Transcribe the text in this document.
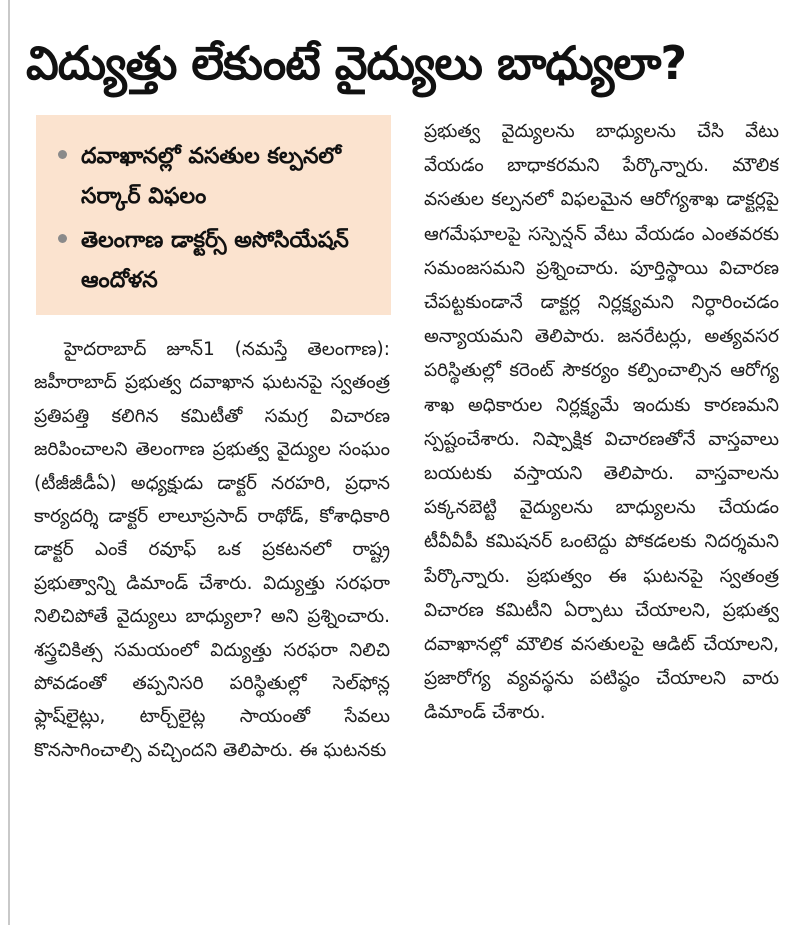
విద్యుత్తు లేకుంటే వైద్యులు బాధ్యులా?
దవాఖానల్లో వసతుల కల్పనలో సర్కార్ విఫలం
తెలంగాణ డాక్టర్స్ అసోసియేషన్ ఆందోళన

హైదరాబాద్ జూన్1 (నమస్తే తెలంగాణ): జహీరాబాద్ ప్రభుత్వ దవాఖాన ఘటనపై స్వతంత్ర ప్రతిపత్తి కలిగిన కమిటీతో సమగ్ర విచారణ జరిపించాలని తెలంగాణ ప్రభుత్వ వైద్యుల సంఘం (టీజీజీడీఏ) అధ్యక్షుడు డాక్టర్ నరహరి, ప్రధాన కార్యదర్శి డాక్టర్ లాలూప్రసాద్ రాథోడ్, కోశాధికారి డాక్టర్ ఎంకే రవూఫ్ ఒక ప్రకటనలో రాష్ట్ర ప్రభుత్వాన్ని డిమాండ్ చేశారు. విద్యుత్తు సరఫరా నిలిచిపోతే వైద్యులు బాధ్యులా? అని ప్రశ్నించారు. శస్త్రచికిత్స సమయంలో విద్యుత్తు సరఫరా నిలిచి పోవడంతో తప్పనిసరి పరిస్థితుల్లో సెల్‌ఫోన్ల ఫ్లాష్‌లైట్లు, టార్చ్‌లైట్ల సాయంతో సేవలు కొనసాగించాల్సి వచ్చిందని తెలిపారు. ఈ ఘటనకు

ప్రభుత్వ వైద్యులను బాధ్యులను చేసి వేటు వేయడం బాధాకరమని పేర్కొన్నారు. మౌలిక వసతుల కల్పనలో విఫలమైన ఆరోగ్యశాఖ డాక్టర్లపై ఆగమేఘాలపై సస్పెన్షన్ వేటు వేయడం ఎంతవరకు సమంజసమని ప్రశ్నించారు. పూర్తిస్థాయి విచారణ చేపట్టకుండానే డాక్టర్ల నిర్లక్ష్యమని నిర్ధారించడం అన్యాయమని తెలిపారు. జనరేటర్లు, అత్యవసర పరిస్థితుల్లో కరెంట్ సౌకర్యం కల్పించాల్సిన ఆరోగ్య శాఖ అధికారుల నిర్లక్ష్యమే ఇందుకు కారణమని స్పష్టంచేశారు. నిష్పాక్షిక విచారణతోనే వాస్తవాలు బయటకు వస్తాయని తెలిపారు. వాస్తవాలను పక్కనబెట్టి వైద్యులను బాధ్యులను చేయడం టీవీవీపీ కమిషనర్ ఒంటెద్దు పోకడలకు నిదర్శమని పేర్కొన్నారు. ప్రభుత్వం ఈ ఘటనపై స్వతంత్ర విచారణ కమిటీని ఏర్పాటు చేయాలని, ప్రభుత్వ దవాఖానల్లో మౌలిక వసతులపై ఆడిట్ చేయాలని, ప్రజారోగ్య వ్యవస్థను పటిష్ఠం చేయాలని వారు డిమాండ్ చేశారు.
